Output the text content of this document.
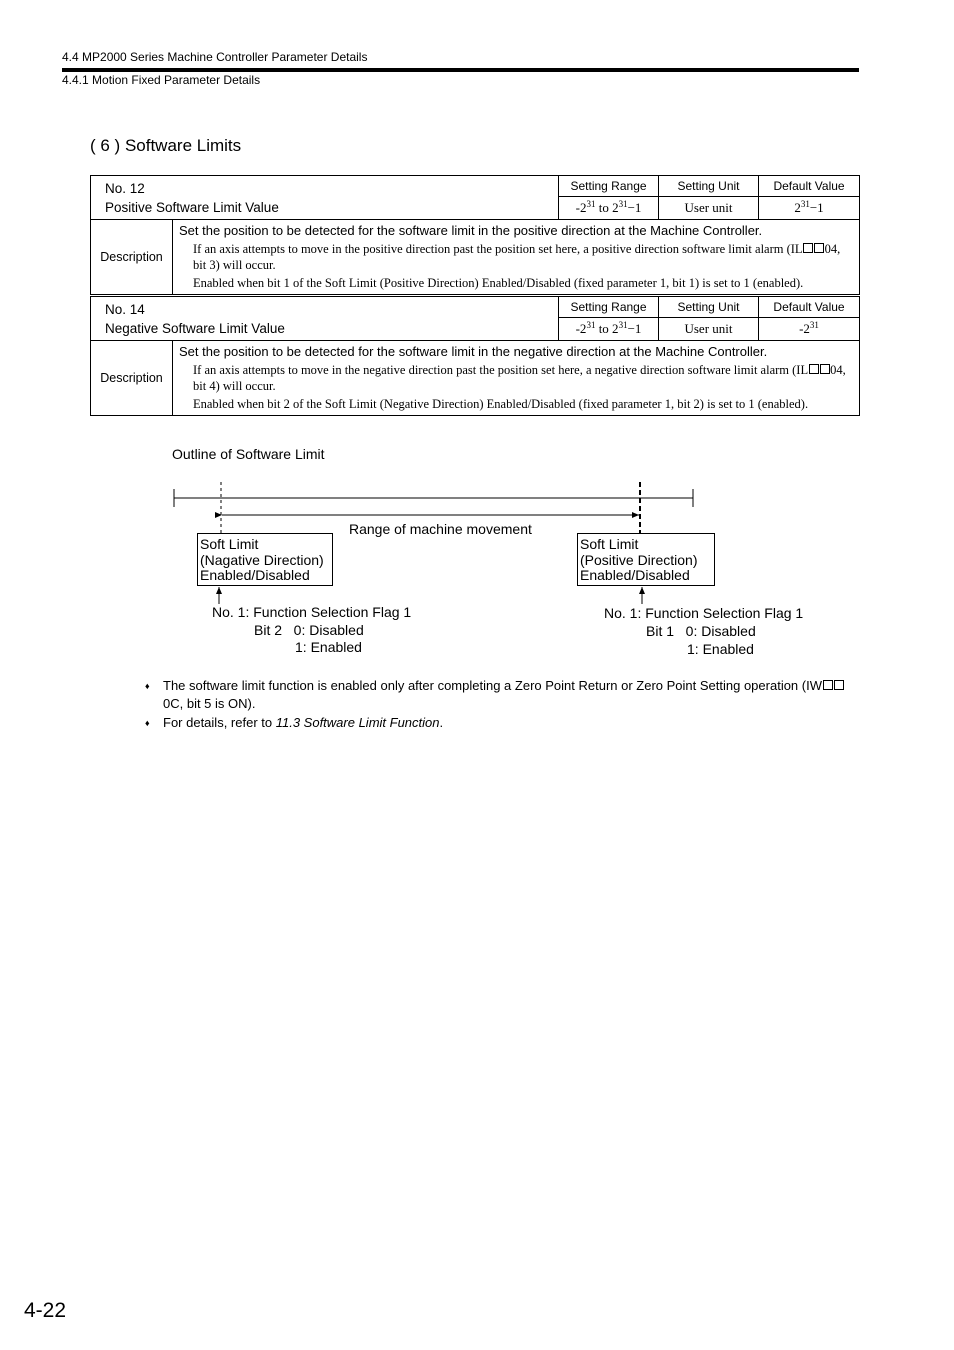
4.4 MP2000 Series Machine Controller Parameter Details
4.4.1 Motion Fixed Parameter Details
( 6 ) Software Limits
No. 12
Positive Software Limit Value		Setting Range	Setting Unit	Default Value
		$-2^{31}$ to $2^{31}-1$	User unit	$2^{31}-1$
Description	Set the position to be detected for the software limit in the positive direction at the Machine Controller.
If an axis attempts to move in the positive direction past the position set here, a positive direction software limit alarm (IL 04, bit 3) will occur.
Enabled when bit 1 of the Soft Limit (Positive Direction) Enabled/Disabled (fixed parameter 1, bit 1) is set to 1 (enabled).			
No. 14
Negative Software Limit Value		Setting Range	Setting Unit	Default Value
		$-2^{31}$ to $2^{31}-1$	User unit	$-2^{31}$
Description	Set the position to be detected for the software limit in the negative direction at the Machine Controller.
If an axis attempts to move in the negative direction past the position set here, a negative direction software limit alarm (IL 04, bit 4) will occur.
Enabled when bit 2 of the Soft Limit (Negative Direction) Enabled/Disabled (fixed parameter 1, bit 2) is set to 1 (enabled).			
Outline of Software Limit
Range of machine movement
Soft Limit
(Nagative Direction)
Enabled/Disabled
Soft Limit
(Positive Direction)
Enabled/Disabled
No. 1: Function Selection Flag 1
Bit 2   0: Disabled
1: Enabled
No. 1: Function Selection Flag 1
Bit 1   0: Disabled
1: Enabled
♦ The software limit function is enabled only after completing a Zero Point Return or Zero Point Setting operation (IW0C, bit 5 is ON).
♦ For details, refer to 11.3 Software Limit Function.
4-22
